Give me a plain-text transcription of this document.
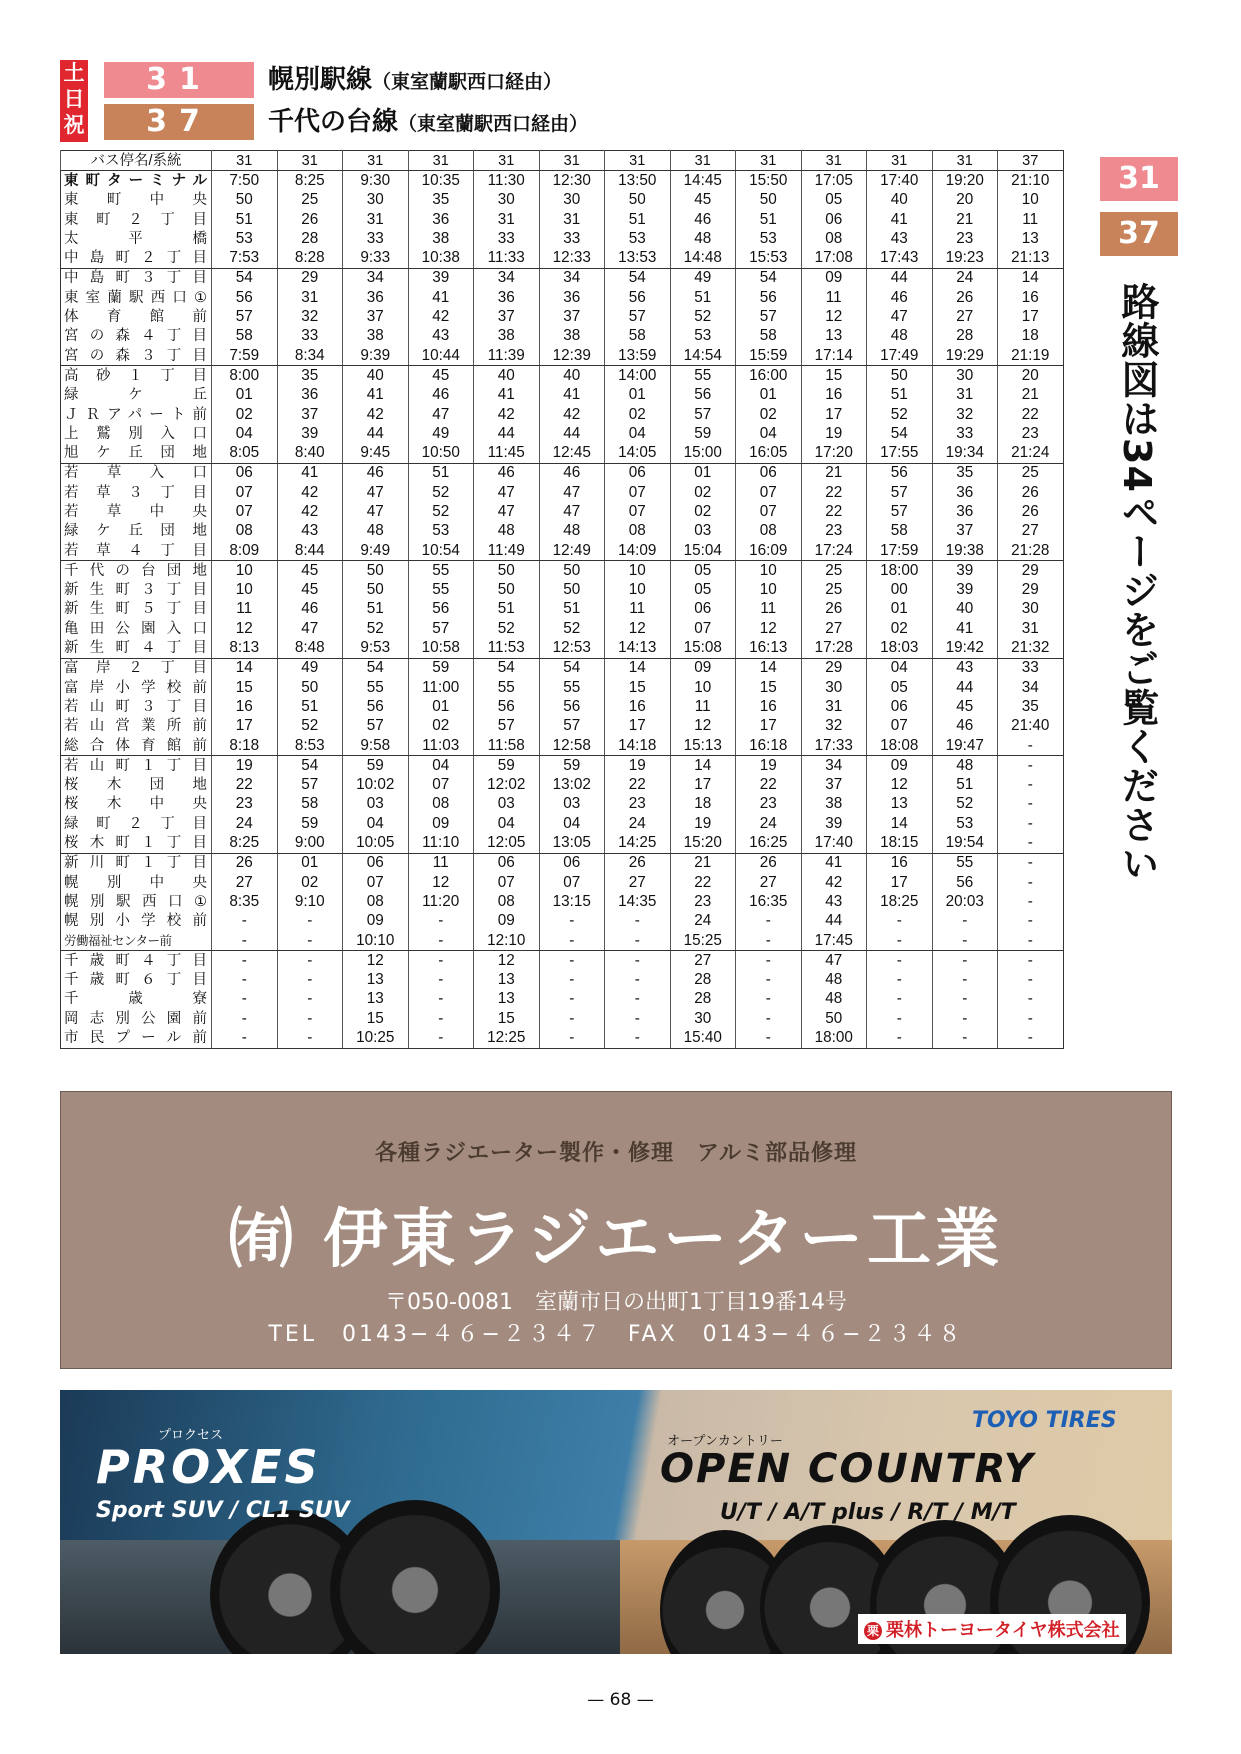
土
日
祝
31	幌別駅線（東室蘭駅西口経由）
37	千代の台線（東室蘭駅西口経由）
バス停名/系統	31	31	31	31	31	31	31	31	31	31	31	31	37
東町ターミナル	7:50	8:25	9:30	10:35	11:30	12:30	13:50	14:45	15:50	17:05	17:40	19:20	21:10
東町中央	50	25	30	35	30	30	50	45	50	05	40	20	10
東町２丁目	51	26	31	36	31	31	51	46	51	06	41	21	11
太平橋	53	28	33	38	33	33	53	48	53	08	43	23	13
中島町２丁目	7:53	8:28	9:33	10:38	11:33	12:33	13:53	14:48	15:53	17:08	17:43	19:23	21:13
中島町３丁目	54	29	34	39	34	34	54	49	54	09	44	24	14
東室蘭駅西口①	56	31	36	41	36	36	56	51	56	11	46	26	16
体育館前	57	32	37	42	37	37	57	52	57	12	47	27	17
宮の森４丁目	58	33	38	43	38	38	58	53	58	13	48	28	18
宮の森３丁目	7:59	8:34	9:39	10:44	11:39	12:39	13:59	14:54	15:59	17:14	17:49	19:29	21:19
高砂１丁目	8:00	35	40	45	40	40	14:00	55	16:00	15	50	30	20
緑ケ丘	01	36	41	46	41	41	01	56	01	16	51	31	21
ＪＲアパート前	02	37	42	47	42	42	02	57	02	17	52	32	22
上鷲別入口	04	39	44	49	44	44	04	59	04	19	54	33	23
旭ケ丘団地	8:05	8:40	9:45	10:50	11:45	12:45	14:05	15:00	16:05	17:20	17:55	19:34	21:24
若草入口	06	41	46	51	46	46	06	01	06	21	56	35	25
若草３丁目	07	42	47	52	47	47	07	02	07	22	57	36	26
若草中央	07	42	47	52	47	47	07	02	07	22	57	36	26
緑ケ丘団地	08	43	48	53	48	48	08	03	08	23	58	37	27
若草４丁目	8:09	8:44	9:49	10:54	11:49	12:49	14:09	15:04	16:09	17:24	17:59	19:38	21:28
千代の台団地	10	45	50	55	50	50	10	05	10	25	18:00	39	29
新生町３丁目	10	45	50	55	50	50	10	05	10	25	00	39	29
新生町５丁目	11	46	51	56	51	51	11	06	11	26	01	40	30
亀田公園入口	12	47	52	57	52	52	12	07	12	27	02	41	31
新生町４丁目	8:13	8:48	9:53	10:58	11:53	12:53	14:13	15:08	16:13	17:28	18:03	19:42	21:32
富岸２丁目	14	49	54	59	54	54	14	09	14	29	04	43	33
富岸小学校前	15	50	55	11:00	55	55	15	10	15	30	05	44	34
若山町３丁目	16	51	56	01	56	56	16	11	16	31	06	45	35
若山営業所前	17	52	57	02	57	57	17	12	17	32	07	46	21:40
総合体育館前	8:18	8:53	9:58	11:03	11:58	12:58	14:18	15:13	16:18	17:33	18:08	19:47	-
若山町１丁目	19	54	59	04	59	59	19	14	19	34	09	48	-
桜木団地	22	57	10:02	07	12:02	13:02	22	17	22	37	12	51	-
桜木中央	23	58	03	08	03	03	23	18	23	38	13	52	-
緑町２丁目	24	59	04	09	04	04	24	19	24	39	14	53	-
桜木町１丁目	8:25	9:00	10:05	11:10	12:05	13:05	14:25	15:20	16:25	17:40	18:15	19:54	-
新川町１丁目	26	01	06	11	06	06	26	21	26	41	16	55	-
幌別中央	27	02	07	12	07	07	27	22	27	42	17	56	-
幌別駅西口①	8:35	9:10	08	11:20	08	13:15	14:35	23	16:35	43	18:25	20:03	-
幌別小学校前	-	-	09	-	09	-	-	24	-	44	-	-	-
労働福祉センター前	-	-	10:10	-	12:10	-	-	15:25	-	17:45	-	-	-
千歳町４丁目	-	-	12	-	12	-	-	27	-	47	-	-	-
千歳町６丁目	-	-	13	-	13	-	-	28	-	48	-	-	-
千歳寮	-	-	13	-	13	-	-	28	-	48	-	-	-
岡志別公園前	-	-	15	-	15	-	-	30	-	50	-	-	-
市民プール前	-	-	10:25	-	12:25	-	-	15:40	-	18:00	-	-	-
31
37
路線図は34ページをご覧ください
各種ラジエーター製作・修理　アルミ部品修理
㈲ 伊東ラジエーター工業
〒050-0081　室蘭市日の出町1丁目19番14号
TEL　0143−４６−２３４７　FAX　0143−４６−２３４８
プロクセス
PROXES
Sport SUV / CL1 SUV
TOYO TIRES
オープンカントリー
OPEN COUNTRY
U/T / A/T plus / R/T / M/T
栗 栗林トーヨータイヤ株式会社
— 68 —
